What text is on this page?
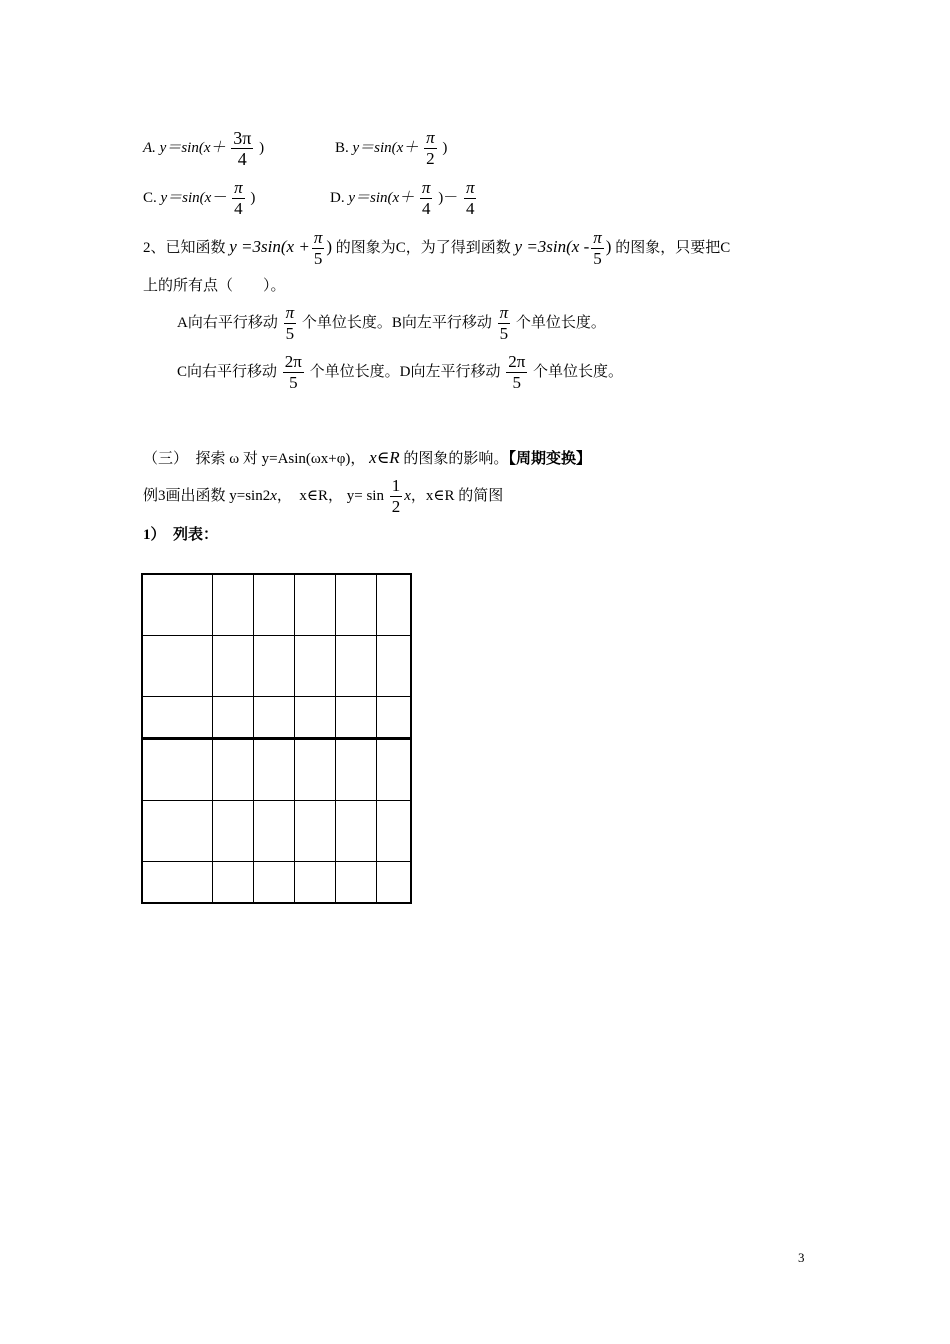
A. $y=\sin(x+ \frac{3\pi}{4}$ )	B. $y=\sin(x+ \frac{\pi}{2}$ )
C. $y=\sin(x- \frac{\pi}{4}$ )	D. $y=\sin(x+ \frac{\pi}{4}$ )－ $\frac{\pi}{4}$
2、已知函数 $y =3\sin(x + \frac{\pi}{5}$ ) 的图象为C，为了得到函数 $y =3\sin(x - \frac{\pi}{5}$ ) 的图象，只要把C
上的所有点（　　）。
A向右平行移动 $\frac{\pi}{5}$ 个单位长度。B向左平行移动 $\frac{\pi}{5}$ 个单位长度。
C向右平行移动 $\frac{2\pi}{5}$ 个单位长度。D向左平行移动 $\frac{2\pi}{5}$ 个单位长度。
（三）　探索 ω 对 y=Asin(ωx+φ)， x∈R 的图象的影响。【周期变换】
例3画出函数 y=sin2x，　x∈R， $y= \sin \frac{1}{2}$ x，x∈R 的简图
1）　列表：

3
